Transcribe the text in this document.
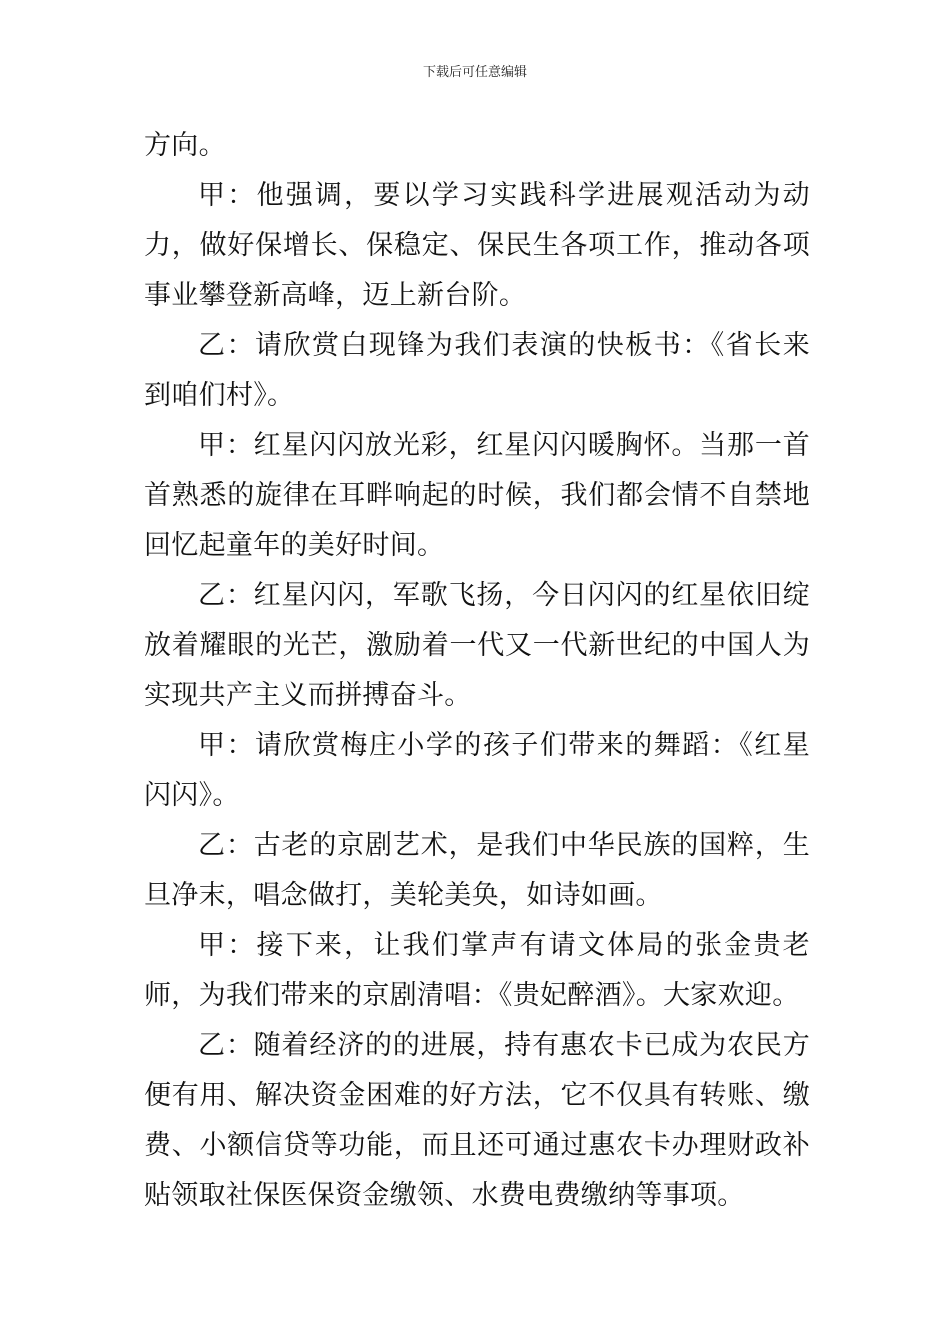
下载后可任意编辑

方向。

甲：他强调，要以学习实践科学进展观活动为动力，做好保增长、保稳定、保民生各项工作，推动各项事业攀登新高峰，迈上新台阶。

乙：请欣赏白现锋为我们表演的快板书：《省长来到咱们村》。

甲：红星闪闪放光彩，红星闪闪暖胸怀。当那一首首熟悉的旋律在耳畔响起的时候，我们都会情不自禁地回忆起童年的美好时间。

乙：红星闪闪，军歌飞扬，今日闪闪的红星依旧绽放着耀眼的光芒，激励着一代又一代新世纪的中国人为实现共产主义而拼搏奋斗。

甲：请欣赏梅庄小学的孩子们带来的舞蹈：《红星闪闪》。

乙：古老的京剧艺术，是我们中华民族的国粹，生旦净末，唱念做打，美轮美奂，如诗如画。

甲：接下来，让我们掌声有请文体局的张金贵老师，为我们带来的京剧清唱：《贵妃醉酒》。大家欢迎。

乙：随着经济的的进展，持有惠农卡已成为农民方便有用、解决资金困难的好方法，它不仅具有转账、缴费、小额信贷等功能，而且还可通过惠农卡办理财政补贴领取社保医保资金缴领、水费电费缴纳等事项。
